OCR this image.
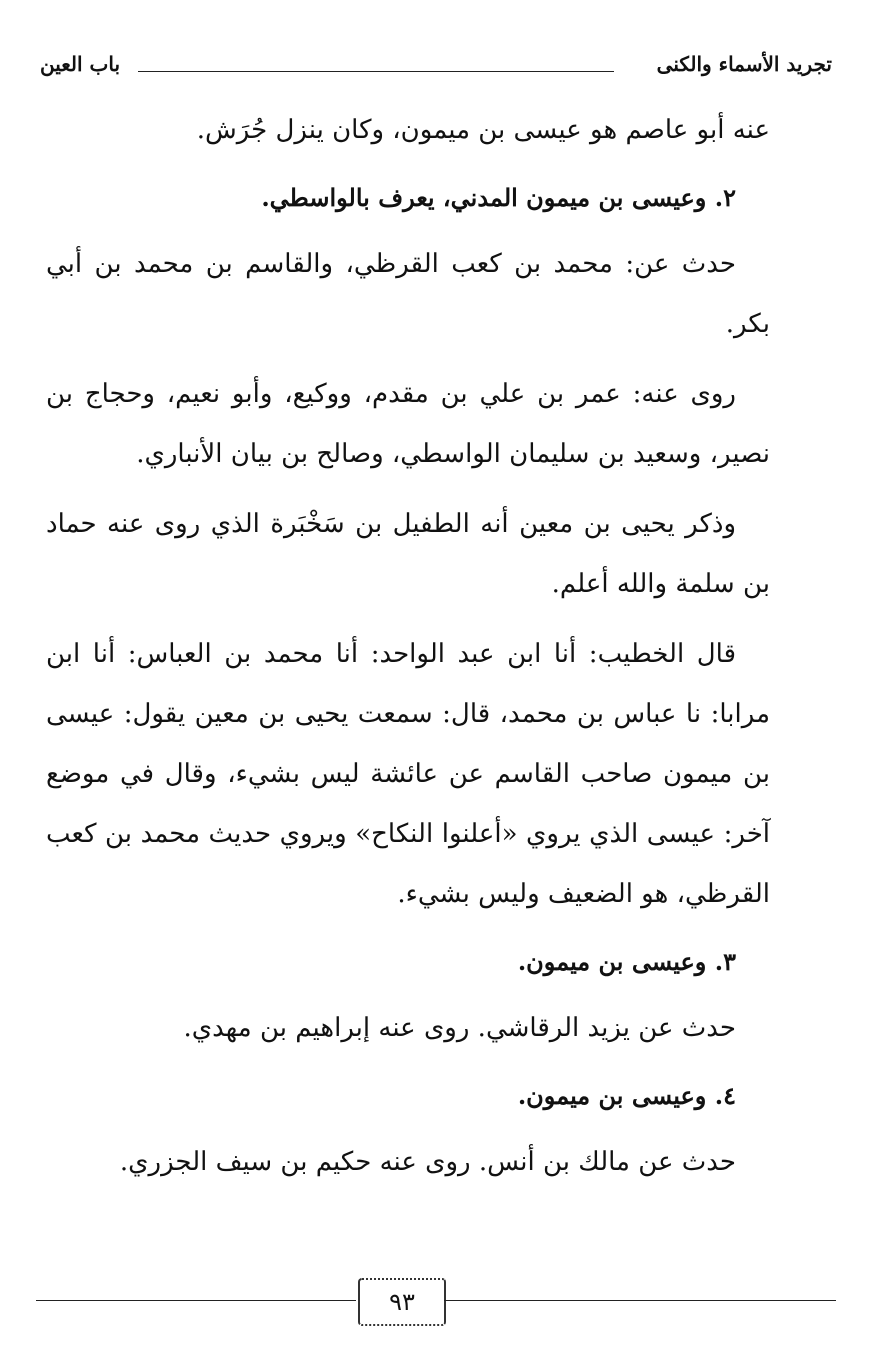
تجريد الأسماء والكنى
باب العين

عنه أبو عاصم هو عيسى بن ميمون، وكان ينزل جُرَش.

٢. وعيسى بن ميمون المدني، يعرف بالواسطي.

حدث عن: محمد بن كعب القرظي، والقاسم بن محمد بن أبي بكر.

روى عنه: عمر بن علي بن مقدم، ووكيع، وأبو نعيم، وحجاج بن نصير، وسعيد بن سليمان الواسطي، وصالح بن بيان الأنباري.

وذكر يحيى بن معين أنه الطفيل بن سَخْبَرة الذي روى عنه حماد بن سلمة والله أعلم.

قال الخطيب: أنا ابن عبد الواحد: أنا محمد بن العباس: أنا ابن مرابا: نا عباس بن محمد، قال: سمعت يحيى بن معين يقول: عيسى بن ميمون صاحب القاسم عن عائشة ليس بشيء، وقال في موضع آخر: عيسى الذي يروي «أعلنوا النكاح» ويروي حديث محمد بن كعب القرظي، هو الضعيف وليس بشيء.

٣. وعيسى بن ميمون.

حدث عن يزيد الرقاشي. روى عنه إبراهيم بن مهدي.

٤. وعيسى بن ميمون.

حدث عن مالك بن أنس. روى عنه حكيم بن سيف الجزري.

٩٣
